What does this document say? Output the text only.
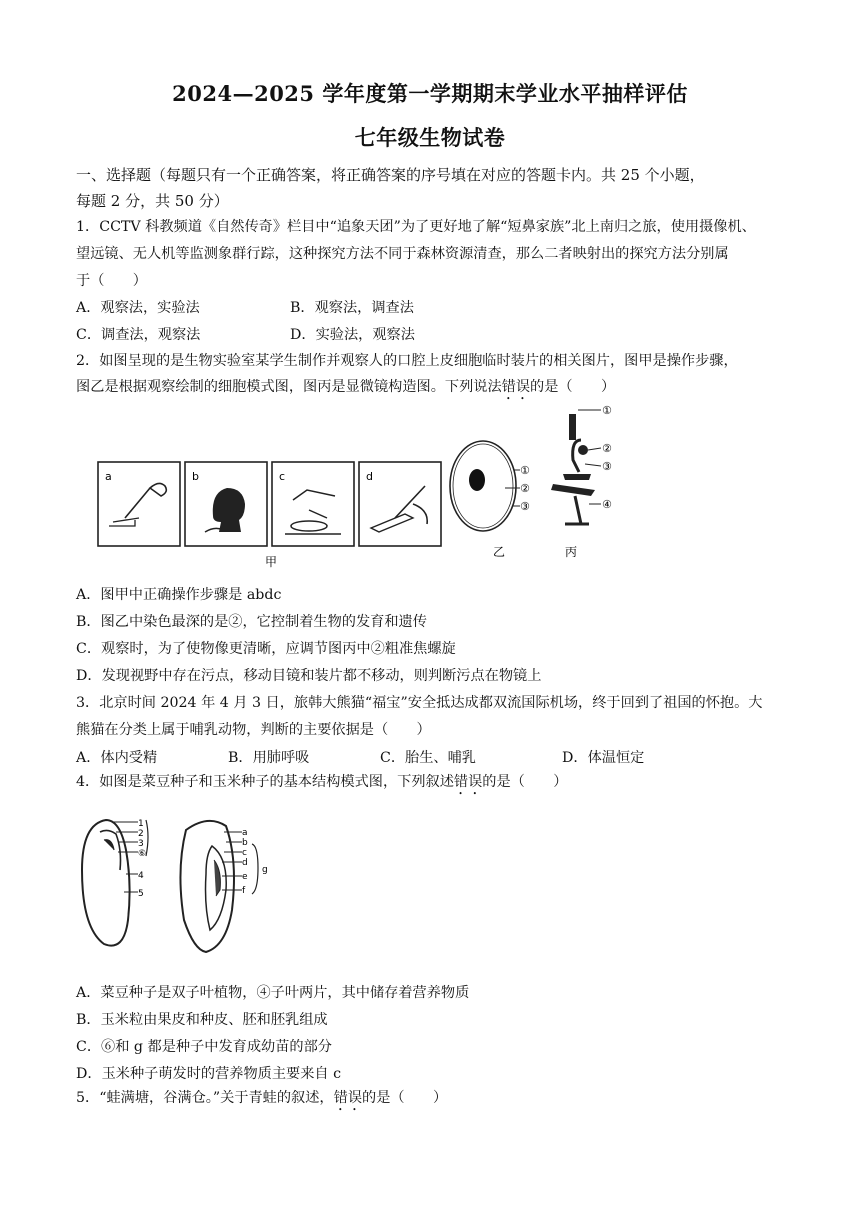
2024—2025 学年度第一学期期末学业水平抽样评估
七年级生物试卷
一、选择题（每题只有一个正确答案，将正确答案的序号填在对应的答题卡内。共 25 个小题，
每题 2 分，共 50 分）
1．CCTV 科教频道《自然传奇》栏目中“追象天团”为了更好地了解“短鼻家族”北上南归之旅，使用摄像机、
望远镜、无人机等监测象群行踪，这种探究方法不同于森林资源清查，那么二者映射出的探究方法分别属
于（　　）
A．观察法，实验法	B．观察法，调查法
C．调查法，观察法	D．实验法，观察法
2．如图呈现的是生物实验室某学生制作并观察人的口腔上皮细胞临时装片的相关图片，图甲是操作步骤，
图乙是根据观察绘制的细胞模式图，图丙是显微镜构造图。下列说法错误的是（　　）
a	b	c	d
甲
①
②
③
乙
①
②
③
④
丙
A．图甲中正确操作步骤是 abdc
B．图乙中染色最深的是②，它控制着生物的发育和遗传
C．观察时，为了使物像更清晰，应调节图丙中②粗准焦螺旋
D．发现视野中存在污点，移动目镜和装片都不移动，则判断污点在物镜上
3．北京时间 2024 年 4 月 3 日，旅韩大熊猫“福宝”安全抵达成都双流国际机场，终于回到了祖国的怀抱。大
熊猫在分类上属于哺乳动物，判断的主要依据是（　　）
A．体内受精	B．用肺呼吸	C．胎生、哺乳	D．体温恒定
4．如图是菜豆种子和玉米种子的基本结构模式图，下列叙述错误的是（　　）
1
2
3
⑥
4
5
a
b
c
d
e
f
g
A．菜豆种子是双子叶植物，④子叶两片，其中储存着营养物质
B．玉米粒由果皮和种皮、胚和胚乳组成
C．⑥和 g 都是种子中发育成幼苗的部分
D．玉米种子萌发时的营养物质主要来自 c
5．“蛙满塘，谷满仓。”关于青蛙的叙述，错误的是（　　）
